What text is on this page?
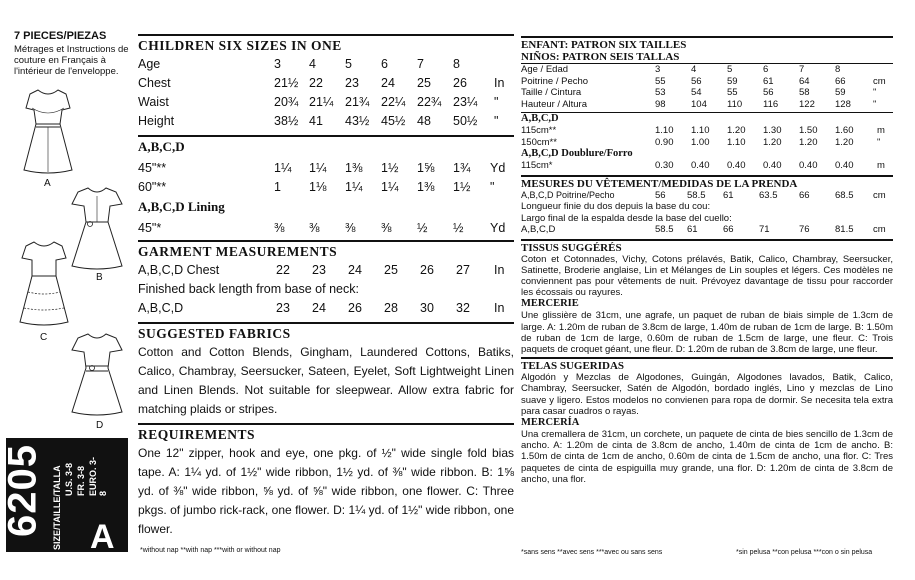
7 PIECES/PIEZAS
Métrages et Instructions de couture en Français à l'intérieur de l'enveloppe.
A
B
C
D
6205 SIZE/TAILLE/TALLA U.S. 3-8 FR. 3-8 EURO. 3-8
A
CHILDREN SIX SIZES IN ONE
Age	3 4 5 6 7 8
Chest	21½ 22 23 24 25 26 In
Waist	20¾ 21¼ 21¾ 22¼ 22¾ 23¼ "
Height	38½ 41 43½ 45½ 48 50½ "
A,B,C,D
45"**	1¼ 1¼ 1⅜ 1½ 1⅝ 1¾ Yd
60"**	1 1⅛ 1¼ 1¼ 1⅜ 1½ "
A,B,C,D Lining
45"*	⅜ ⅜ ⅜ ⅜ ½ ½ Yd
GARMENT MEASUREMENTS
A,B,C,D Chest	22 23 24 25 26 27 In
Finished back length from base of neck:
A,B,C,D	23 24 26 28 30 32 In
SUGGESTED FABRICS
Cotton and Cotton Blends, Gingham, Laundered Cottons, Batiks, Calico, Chambray, Seersucker, Sateen, Eyelet, Soft Lightweight Linen and Linen Blends. Not suitable for sleepwear. Allow extra fabric for matching plaids or stripes.
REQUIREMENTS
One 12" zipper, hook and eye, one pkg. of ½" wide single fold bias tape. A: 1¼ yd. of 1½" wide ribbon, 1½ yd. of ⅜" wide ribbon. B: 1⅝ yd. of ⅜" wide ribbon, ⅝ yd. of ⅝" wide ribbon, one flower. C: Three pkgs. of jumbo rick-rack, one flower. D: 1¼ yd. of 1½" wide ribbon, one flower.
*without nap **with nap ***with or without nap
ENFANT: PATRON SIX TAILLES
NIÑOS: PATRON SEIS TALLAS
Age / Edad	3	4	5	6	7	8
Poitrine / Pecho	55	56	59	61	64	66	cm
Taille / Cintura	53	54	55	56	58	59	"
Hauteur / Altura	98	104 110 116 122 128 "
A,B,C,D
115cm**	1.10 1.10 1.20 1.30 1.50 1.60 m
150cm**	0.90 1.00 1.10 1.20 1.20 1.20 "
A,B,C,D Doublure/Forro
115cm*	0.30 0.40 0.40 0.40 0.40 0.40 m
MESURES DU VÊTEMENT/MEDIDAS DE LA PRENDA
A,B,C,D Poitrine/Pecho	56 58.5 61	63.5 66	68.5 cm
Longueur finie du dos depuis la base du cou:
Largo final de la espalda desde la base del cuello:
A,B,C,D	58.5 61	66	71	76	81.5 cm
TISSUS SUGGÉRÉS
Coton et Cotonnades, Vichy, Cotons prélavés, Batik, Calico, Chambray, Seersucker, Satinette, Broderie anglaise, Lin et Mélanges de Lin souples et légers. Ces modèles ne conviennent pas pour vêtements de nuit. Prévoyez davantage de tissu pour raccorder les écossais ou rayures.
MERCERIE
Une glissière de 31cm, une agrafe, un paquet de ruban de biais simple de 1.3cm de large. A: 1.20m de ruban de 3.8cm de large, 1.40m de ruban de 1cm de large. B: 1.50m de ruban de 1cm de large, 0.60m de ruban de 1.5cm de large, une fleur. C: Trois paquets de croquet géant, une fleur. D: 1.20m de ruban de 3.8cm de large, une fleur.
TELAS SUGERIDAS
Algodón y Mezclas de Algodones, Guingán, Algodones lavados, Batik, Calico, Chambray, Seersucker, Satén de Algodón, bordado inglés, Lino y mezclas de Lino suave y ligero. Estos modelos no convienen para ropa de dormir. Se necesita tela extra para casar cuadros o rayas.
MERCERÍA
Una cremallera de 31cm, un corchete, un paquete de cinta de bies sencillo de 1.3cm de ancho. A: 1.20m de cinta de 3.8cm de ancho, 1.40m de cinta de 1cm de ancho. B: 1.50m de cinta de 1cm de ancho, 0.60m de cinta de 1.5cm de ancho, una flor. C: Tres paquetes de cinta de espiguilla muy grande, una flor. D: 1.20m de cinta de 3.8cm de ancho, una flor.
*sans sens **avec sens ***avec ou sans sens	*sin pelusa **con pelusa ***con o sin pelusa
